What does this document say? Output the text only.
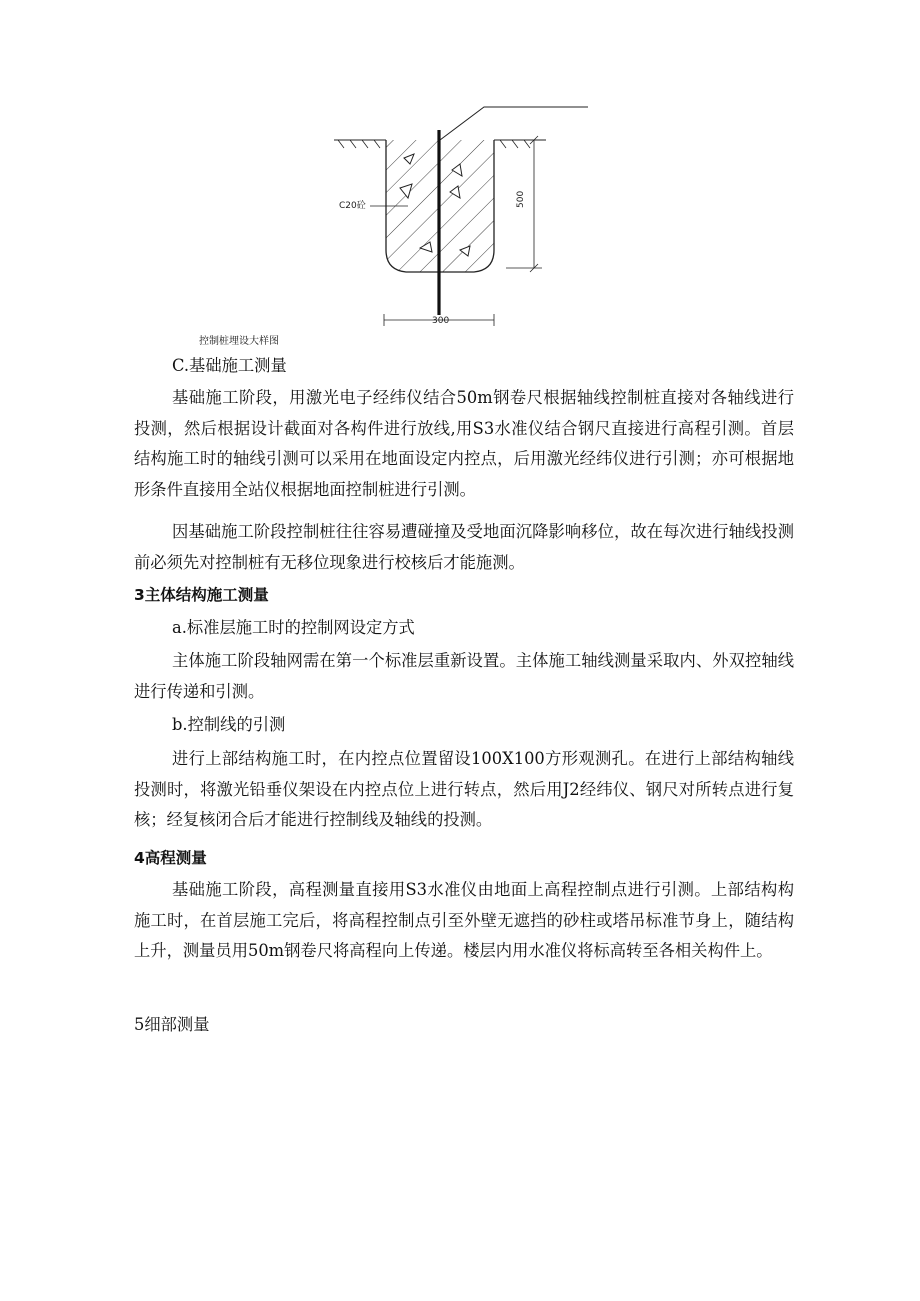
C20砼
300
500
控制桩埋设大样图
C.基础施工测量
基础施工阶段，用激光电子经纬仪结合50m钢卷尺根据轴线控制桩直接对各轴线进行投测，然后根据设计截面对各构件进行放线,用S3水准仪结合钢尺直接进行高程引测。首层结构施工时的轴线引测可以采用在地面设定内控点，后用激光经纬仪进行引测；亦可根据地形条件直接用全站仪根据地面控制桩进行引测。
因基础施工阶段控制桩往往容易遭碰撞及受地面沉降影响移位，故在每次进行轴线投测前必须先对控制桩有无移位现象进行校核后才能施测。
3主体结构施工测量
a.标准层施工时的控制网设定方式
主体施工阶段轴网需在第一个标准层重新设置。主体施工轴线测量采取内、外双控轴线进行传递和引测。
b.控制线的引测
进行上部结构施工时，在内控点位置留设100X100方形观测孔。在进行上部结构轴线投测时，将激光铅垂仪架设在内控点位上进行转点，然后用J2经纬仪、钢尺对所转点进行复核；经复核闭合后才能进行控制线及轴线的投测。
4高程测量
基础施工阶段，高程测量直接用S3水准仪由地面上高程控制点进行引测。上部结构构施工时，在首层施工完后，将高程控制点引至外壁无遮挡的砂柱或塔吊标准节身上，随结构上升，测量员用50m钢卷尺将高程向上传递。楼层内用水准仪将标高转至各相关构件上。
5细部测量
